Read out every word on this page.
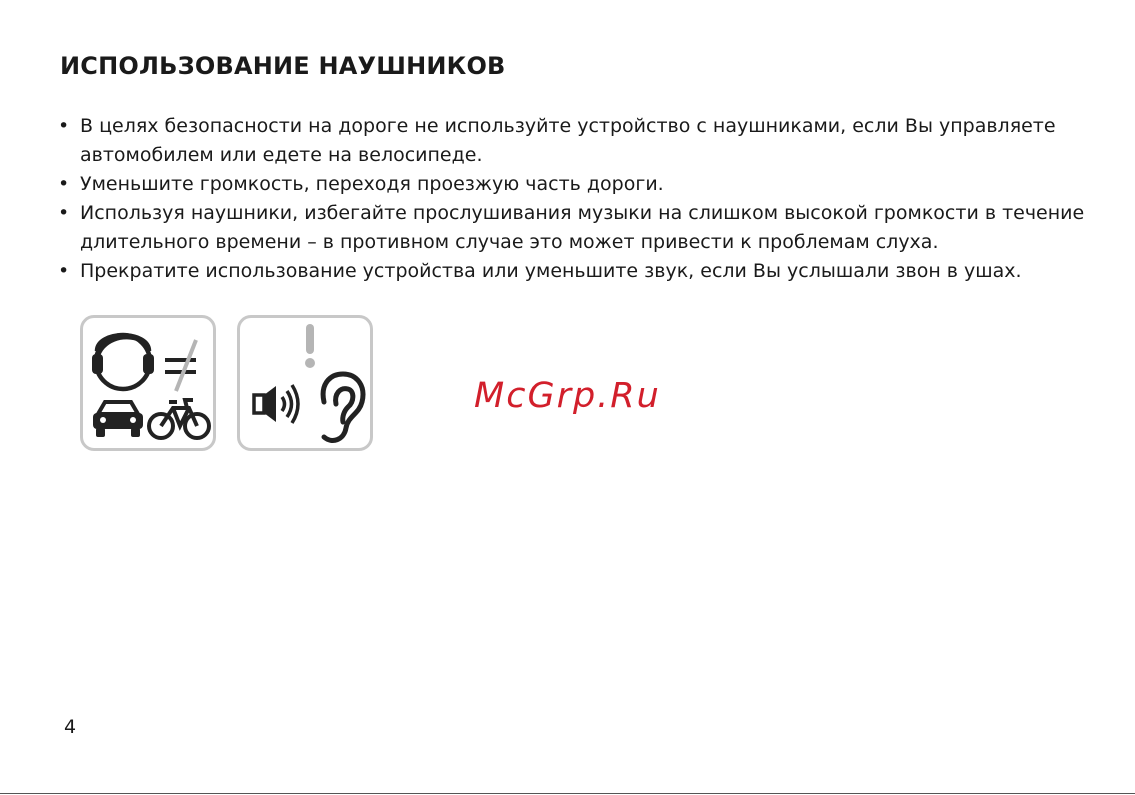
ИСПОЛЬЗОВАНИЕ НАУШНИКОВ
• В целях безопасности на дороге не используйте устройство с наушниками, если Вы управляете автомобилем или едете на велосипеде.
• Уменьшите громкость, переходя проезжую часть дороги.
• Используя наушники, избегайте прослушивания музыки на слишком высокой громкости в течение длительного времени – в противном случае это может привести к проблемам слуха.
• Прекратите использование устройства или уменьшите звук, если Вы услышали звон в ушах.
McGrp.Ru
4
